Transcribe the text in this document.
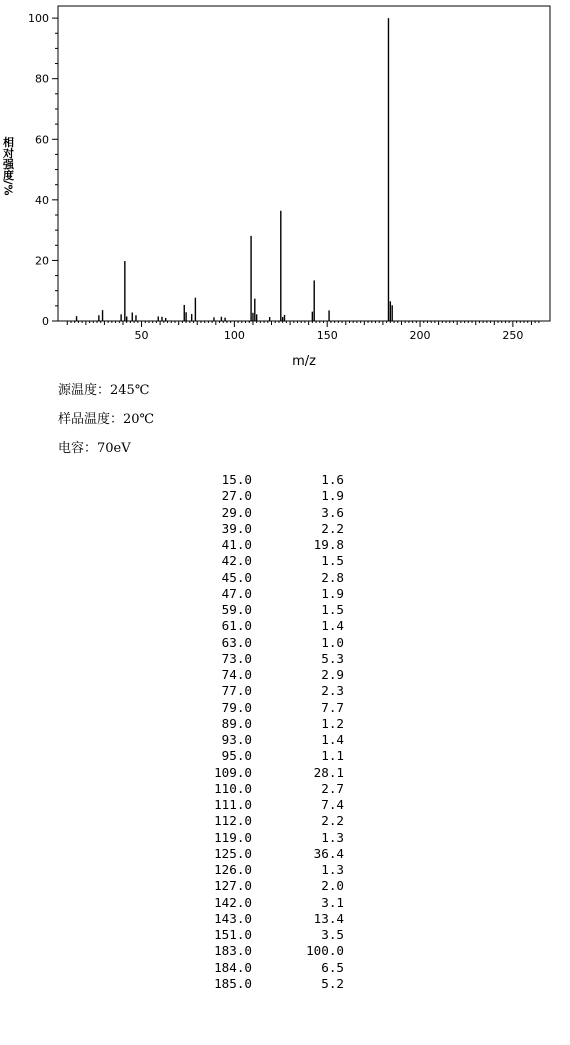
0
20
40
60
80
100
50	100	150	200	250
m/z
相对强度/%
源温度：245℃
样品温度：20℃
电容：70eV
15.0	1.6
27.0	1.9
29.0	3.6
39.0	2.2
41.0	19.8
42.0	1.5
45.0	2.8
47.0	1.9
59.0	1.5
61.0	1.4
63.0	1.0
73.0	5.3
74.0	2.9
77.0	2.3
79.0	7.7
89.0	1.2
93.0	1.4
95.0	1.1
109.0	28.1
110.0	2.7
111.0	7.4
112.0	2.2
119.0	1.3
125.0	36.4
126.0	1.3
127.0	2.0
142.0	3.1
143.0	13.4
151.0	3.5
183.0	100.0
184.0	6.5
185.0	5.2
